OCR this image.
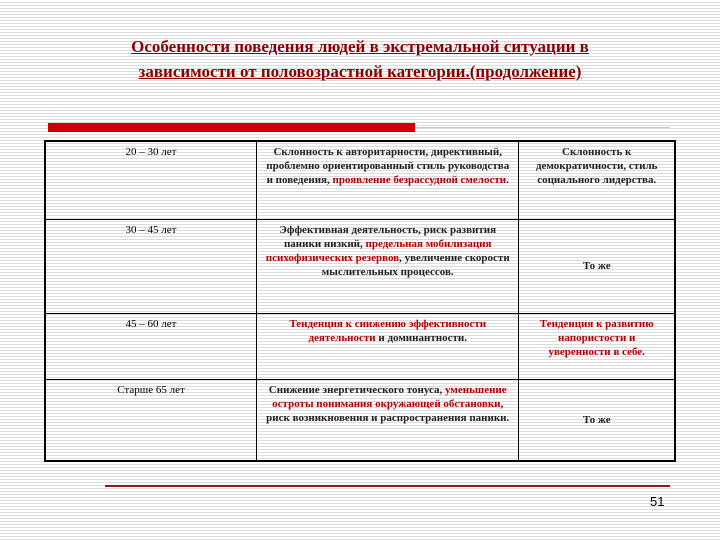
Особенности поведения людей в экстремальной ситуации в
зависимости от половозрастной категории.(продолжение)
20 – 30 лет	Склонность к авторитарности, директивный, проблемно ориентированный стиль руководства и поведения, проявление безрассудной смелости.	Склонность к демократичности, стиль социального лидерства.
30 – 45 лет	Эффективная деятельность, риск развития паники низкий, предельная мобилизация психофизических резервов, увеличение скорости мыслительных процессов.	То же
45 – 60 лет	Тенденция к снижению эффективности деятельности и доминантности.	Тенденция к развитию напористости и уверенности в себе.
Старше 65 лет	Снижение энергетического тонуса, уменьшение остроты понимания окружающей обстановки, риск возникновения и распространения паники.	То же
51
